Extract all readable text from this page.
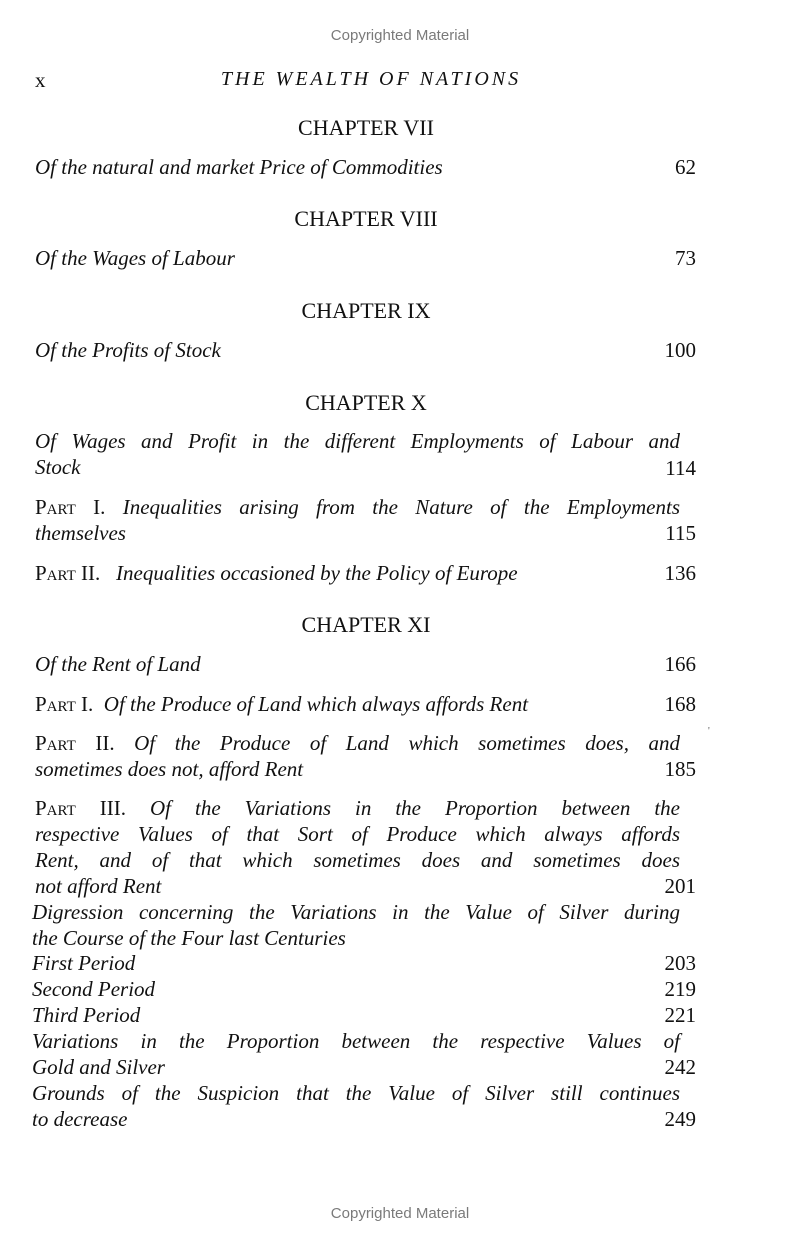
Copyrighted Material
x	THE WEALTH OF NATIONS
CHAPTER VII
Of the natural and market Price of Commodities	62
CHAPTER VIII
Of the Wages of Labour	73
CHAPTER IX
Of the Profits of Stock	100
CHAPTER X
Of Wages and Profit in the different Employments of Labour and
Stock	114
Part I. Inequalities arising from the Nature of the Employments
themselves	115
Part II. Inequalities occasioned by the Policy of Europe	136
CHAPTER XI
Of the Rent of Land	166
Part I. Of the Produce of Land which always affords Rent	168
Part II. Of the Produce of Land which sometimes does, and
sometimes does not, afford Rent	185
Part III. Of the Variations in the Proportion between the
respective Values of that Sort of Produce which always affords
Rent, and of that which sometimes does and sometimes does
not afford Rent	201
Digression concerning the Variations in the Value of Silver during
the Course of the Four last Centuries
First Period	203
Second Period	219
Third Period	221
Variations in the Proportion between the respective Values of
Gold and Silver	242
Grounds of the Suspicion that the Value of Silver still continues
to decrease	249
'
Copyrighted Material
